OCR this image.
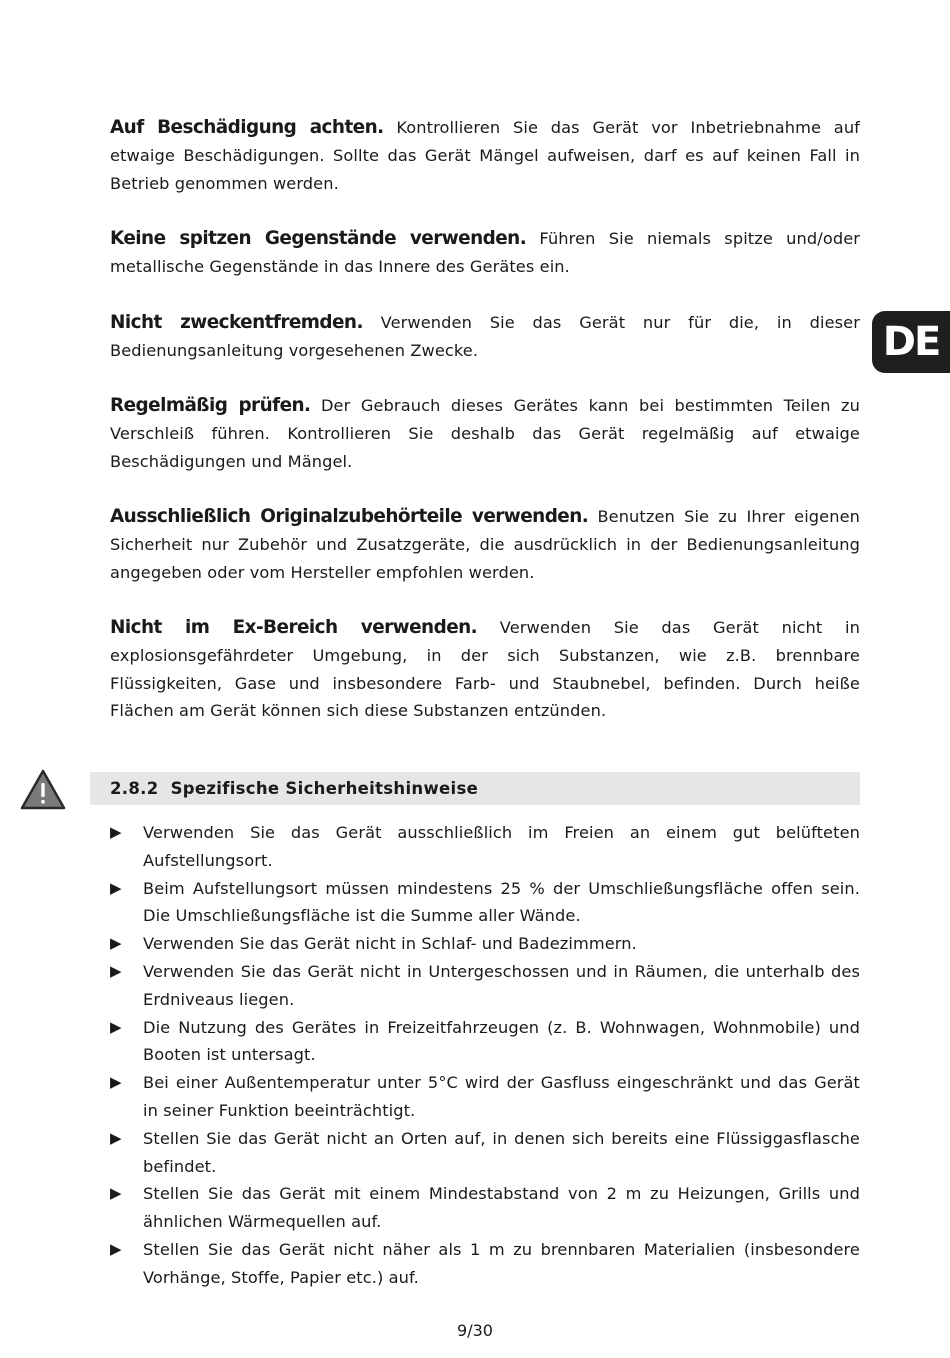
Auf Beschädigung achten. Kontrollieren Sie das Gerät vor Inbetriebnahme auf etwaige Beschädigungen. Sollte das Gerät Mängel aufweisen, darf es auf keinen Fall in Betrieb genommen werden.

Keine spitzen Gegenstände verwenden. Führen Sie niemals spitze und/oder metallische Gegenstände in das Innere des Gerätes ein.

Nicht zweckentfremden. Verwenden Sie das Gerät nur für die, in dieser Bedienungsanleitung vorgesehenen Zwecke.

Regelmäßig prüfen. Der Gebrauch dieses Gerätes kann bei bestimmten Teilen zu Verschleiß führen. Kontrollieren Sie deshalb das Gerät regelmäßig auf etwaige Beschädigungen und Mängel.

Ausschließlich Originalzubehörteile verwenden. Benutzen Sie zu Ihrer eigenen Sicherheit nur Zubehör und Zusatzgeräte, die ausdrücklich in der Bedienungsanleitung angegeben oder vom Hersteller empfohlen werden.

Nicht im Ex-Bereich verwenden. Verwenden Sie das Gerät nicht in explosionsgefährdeter Umgebung, in der sich Substanzen, wie z.B. brennbare Flüssigkeiten, Gase und insbesondere Farb- und Staubnebel, befinden. Durch heiße Flächen am Gerät können sich diese Substanzen entzünden.

DE
2.8.2  Spezifische Sicherheitshinweise
▶ Verwenden Sie das Gerät ausschließlich im Freien an einem gut belüfteten Aufstellungsort.
▶ Beim Aufstellungsort müssen mindestens 25 % der Umschließungsfläche offen sein. Die Umschließungsfläche ist die Summe aller Wände.
▶ Verwenden Sie das Gerät nicht in Schlaf- und Badezimmern.
▶ Verwenden Sie das Gerät nicht in Untergeschossen und in Räumen, die unterhalb des Erdniveaus liegen.
▶ Die Nutzung des Gerätes in Freizeitfahrzeugen (z. B. Wohnwagen, Wohnmobile) und Booten ist untersagt.
▶ Bei einer Außentemperatur unter 5°C wird der Gasfluss eingeschränkt und das Gerät in seiner Funktion beeinträchtigt.
▶ Stellen Sie das Gerät nicht an Orten auf, in denen sich bereits eine Flüssiggasflasche befindet.
▶ Stellen Sie das Gerät mit einem Mindestabstand von 2 m zu Heizungen, Grills und ähnlichen Wärmequellen auf.
▶ Stellen Sie das Gerät nicht näher als 1 m zu brennbaren Materialien (insbesondere Vorhänge, Stoffe, Papier etc.) auf.
9/30
